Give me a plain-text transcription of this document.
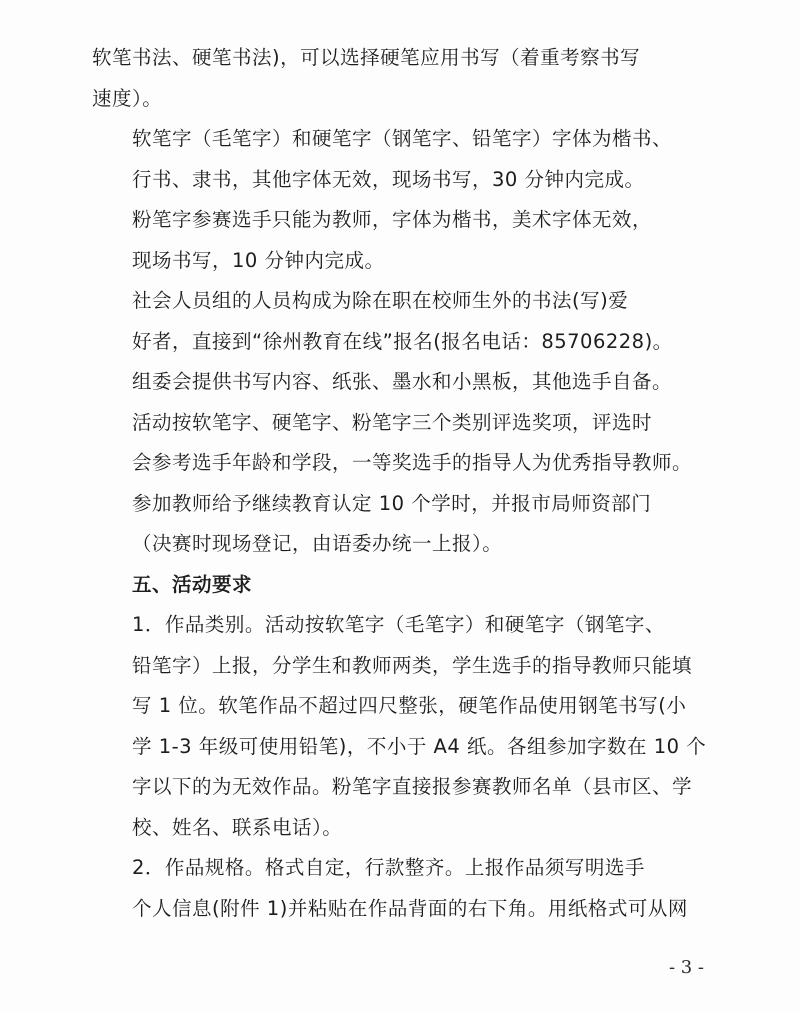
软笔书法、硬笔书法)，可以选择硬笔应用书写（着重考察书写
速度）。

软笔字（毛笔字）和硬笔字（钢笔字、铅笔字）字体为楷书、
行书、隶书，其他字体无效，现场书写，30 分钟内完成。

粉笔字参赛选手只能为教师，字体为楷书，美术字体无效，
现场书写，10 分钟内完成。

社会人员组的人员构成为除在职在校师生外的书法(写)爱
好者，直接到“徐州教育在线”报名(报名电话：85706228)。

组委会提供书写内容、纸张、墨水和小黑板，其他选手自备。

活动按软笔字、硬笔字、粉笔字三个类别评选奖项，评选时
会参考选手年龄和学段，一等奖选手的指导人为优秀指导教师。

参加教师给予继续教育认定 10 个学时，并报市局师资部门
（决赛时现场登记，由语委办统一上报）。

五、活动要求

1．作品类别。活动按软笔字（毛笔字）和硬笔字（钢笔字、
铅笔字）上报，分学生和教师两类，学生选手的指导教师只能填
写 1 位。软笔作品不超过四尺整张，硬笔作品使用钢笔书写(小
学 1-3 年级可使用铅笔)，不小于 A4 纸。各组参加字数在 10 个
字以下的为无效作品。粉笔字直接报参赛教师名单（县市区、学
校、姓名、联系电话）。

2．作品规格。格式自定，行款整齐。上报作品须写明选手
个人信息(附件 1)并粘贴在作品背面的右下角。用纸格式可从网

- 3 -
